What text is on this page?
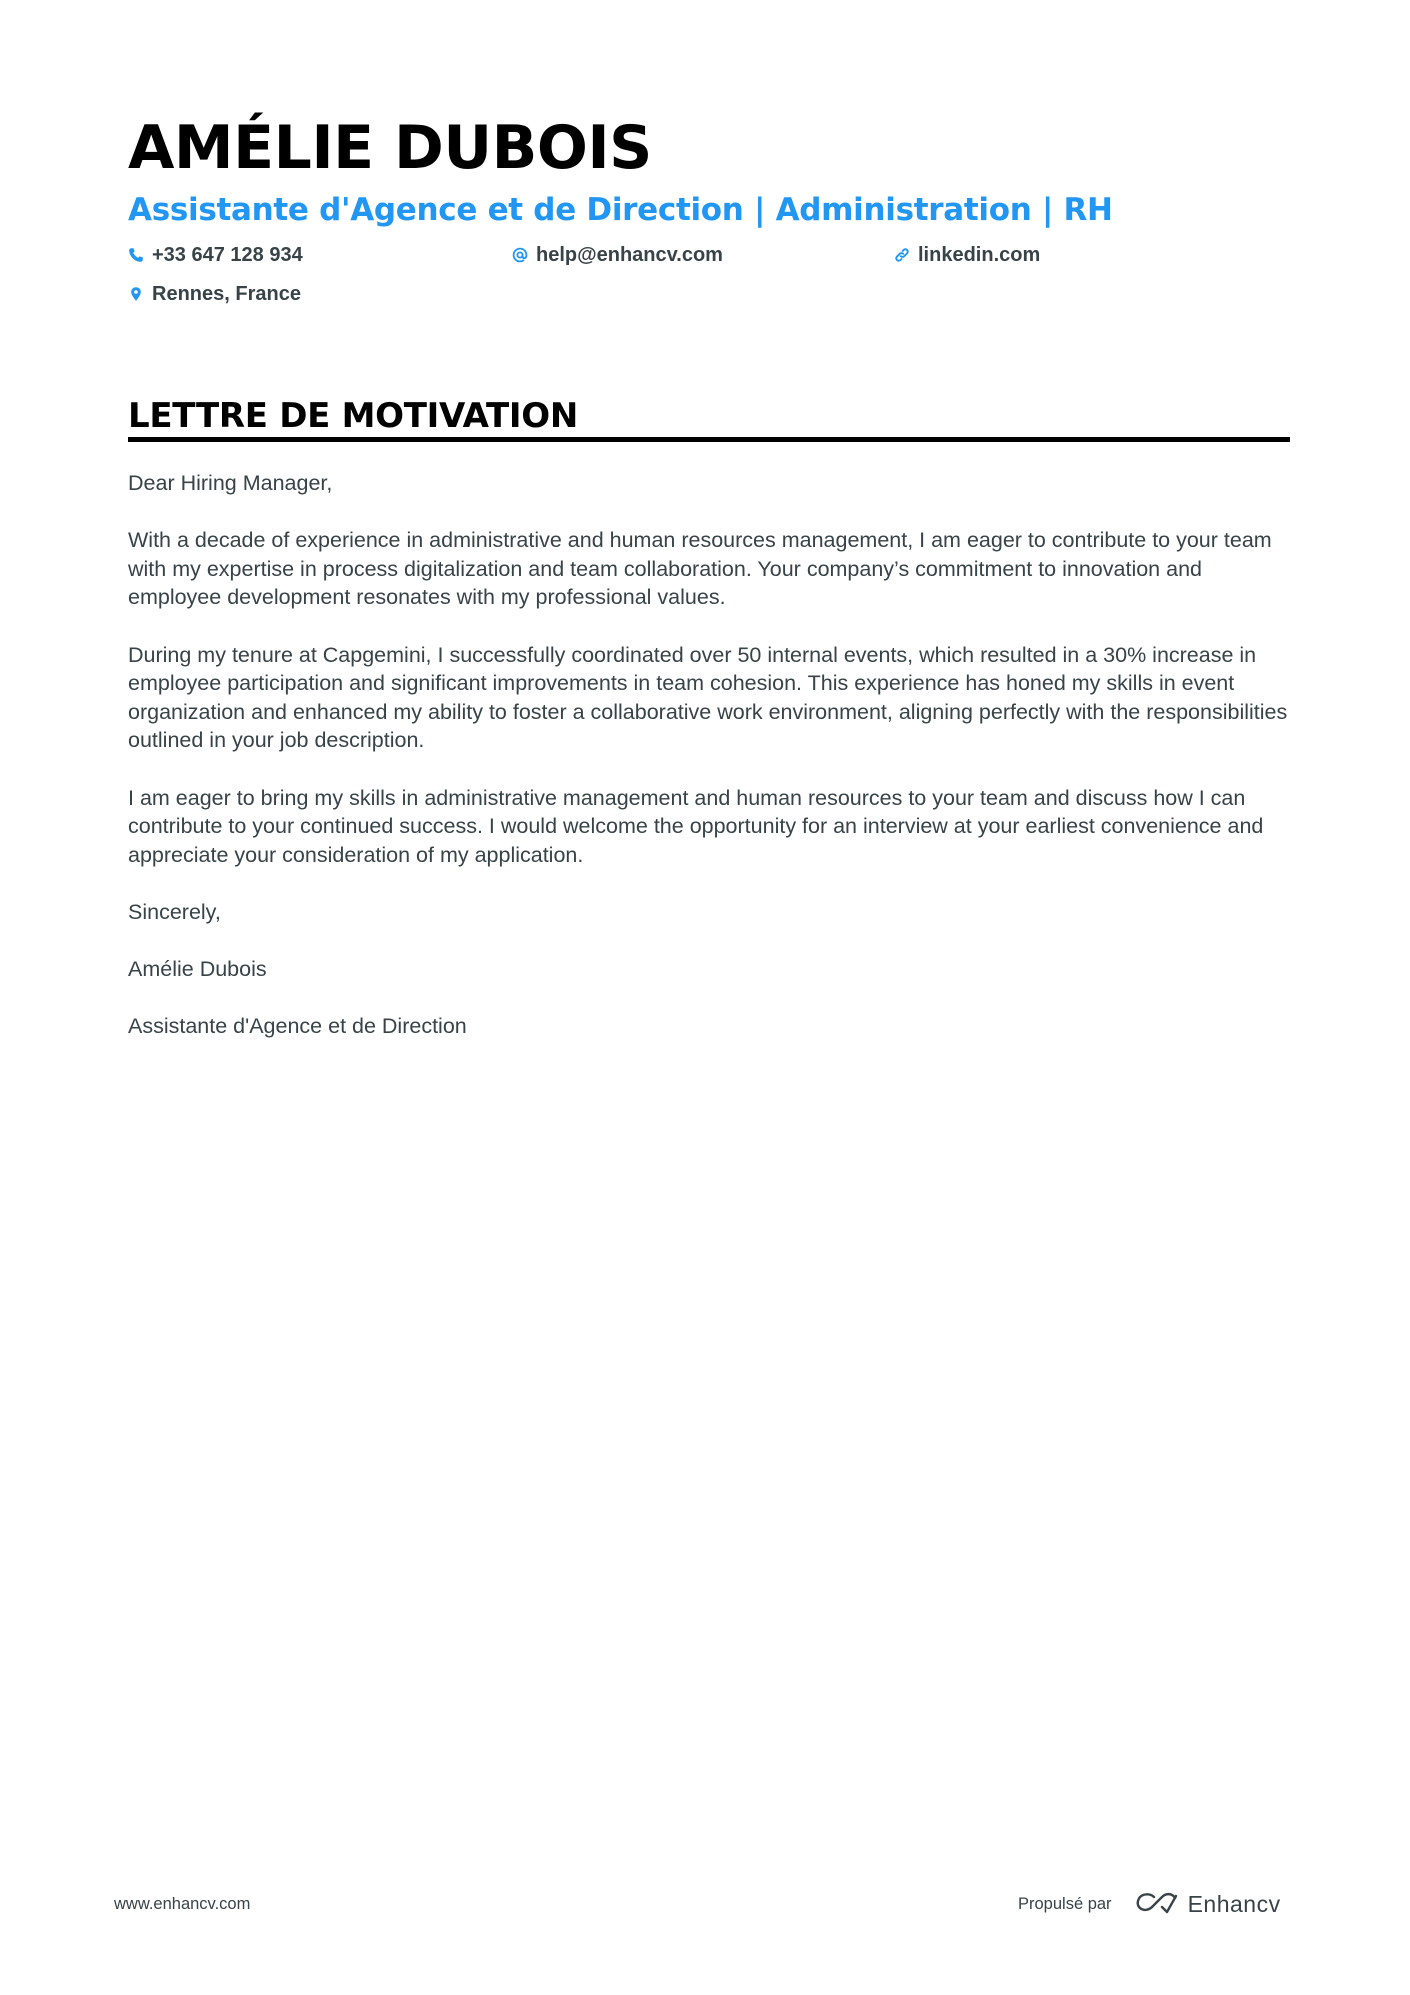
AMÉLIE DUBOIS
Assistante d'Agence et de Direction | Administration | RH
+33 647 128 934	help@enhancv.com	linkedin.com
Rennes, France
LETTRE DE MOTIVATION

Dear Hiring Manager,

With a decade of experience in administrative and human resources management, I am eager to contribute to your team with my expertise in process digitalization and team collaboration. Your company’s commitment to innovation and employee development resonates with my professional values.

During my tenure at Capgemini, I successfully coordinated over 50 internal events, which resulted in a 30% increase in employee participation and significant improvements in team cohesion. This experience has honed my skills in event organization and enhanced my ability to foster a collaborative work environment, aligning perfectly with the responsibilities outlined in your job description.

I am eager to bring my skills in administrative management and human resources to your team and discuss how I can contribute to your continued success. I would welcome the opportunity for an interview at your earliest convenience and appreciate your consideration of my application.

Sincerely,

Amélie Dubois

Assistante d'Agence et de Direction

www.enhancv.com	Propulsé par	Enhancv
